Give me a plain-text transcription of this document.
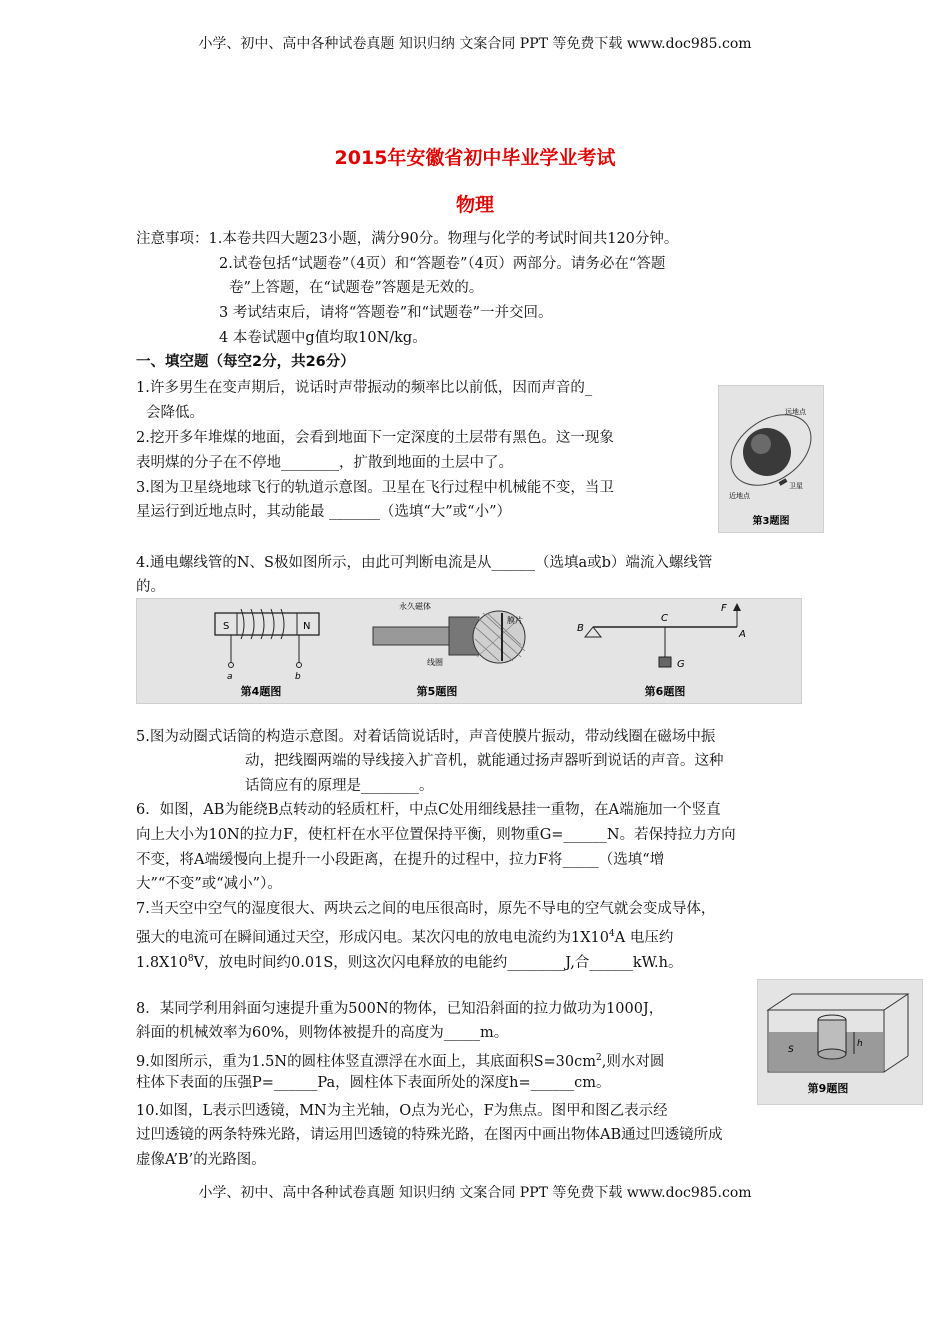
小学、初中、高中各种试卷真题 知识归纳 文案合同 PPT 等免费下载 www.doc985.com
小学、初中、高中各种试卷真题 知识归纳 文案合同 PPT 等免费下载 www.doc985.com
2015年安徽省初中毕业学业考试
物理
注意事项：1.本卷共四大题23小题，满分90分。物理与化学的考试时间共120分钟。
2.试卷包括“试题卷”（4页）和“答题卷”（4页）两部分。请务必在“答题
卷”上答题，在“试题卷”答题是无效的。
3 考试结束后，请将“答题卷”和“试题卷”一并交回。
4 本卷试题中g值均取10N/kg。
一、填空题（每空2分，共26分）
1.许多男生在变声期后，说话时声带振动的频率比以前低，因而声音的_
会降低。
2.挖开多年堆煤的地面，会看到地面下一定深度的土层带有黑色。这一现象
表明煤的分子在不停地________，扩散到地面的土层中了。
3.图为卫星绕地球飞行的轨道示意图。卫星在飞行过程中机械能不变，当卫
星运行到近地点时，其动能最 _______（选填“大”或“小”）
远地点
近地点
卫星
第3题图
4.通电螺线管的N、S极如图所示，由此可判断电流是从______（选填a或b）端流入螺线管
的。
S	N
a	b
第4题图
永久磁体
膜片
线圈
第5题图
B
C
A
F
G
第6题图
5.图为动圈式话筒的构造示意图。对着话筒说话时，声音使膜片振动，带动线圈在磁场中振
动，把线圈两端的导线接入扩音机，就能通过扬声器听到说话的声音。这种
话筒应有的原理是________。
6．如图，AB为能绕B点转动的轻质杠杆，中点C处用细线悬挂一重物，在A端施加一个竖直
向上大小为10N的拉力F，使杠杆在水平位置保持平衡，则物重G=______N。若保持拉力方向
不变，将A端缓慢向上提升一小段距离，在提升的过程中，拉力F将_____（选填“增
大”“不变”或“减小”）。
7.当天空中空气的湿度很大、两块云之间的电压很高时，原先不导电的空气就会变成导体，
强大的电流可在瞬间通过天空，形成闪电。某次闪电的放电电流约为$1X10^4A$ 电压约
$1.8X10^8V$，放电时间约0.01S，则这次闪电释放的电能约________J,合______kW.h。
8．某同学利用斜面匀速提升重为500N的物体，已知沿斜面的拉力做功为1000J，
斜面的机械效率为60%，则物体被提升的高度为_____m。
9.如图所示，重为1.5N的圆柱体竖直漂浮在水面上，其底面积$S=30cm^2$,则水对圆
柱体下表面的压强P=______Pa，圆柱体下表面所处的深度h=______cm。
h
S
第9题图
10.如图，L表示凹透镜，MN为主光轴，O点为光心，F为焦点。图甲和图乙表示经
过凹透镜的两条特殊光路，请运用凹透镜的特殊光路，在图丙中画出物体AB通过凹透镜所成
虚像A’B’的光路图。
